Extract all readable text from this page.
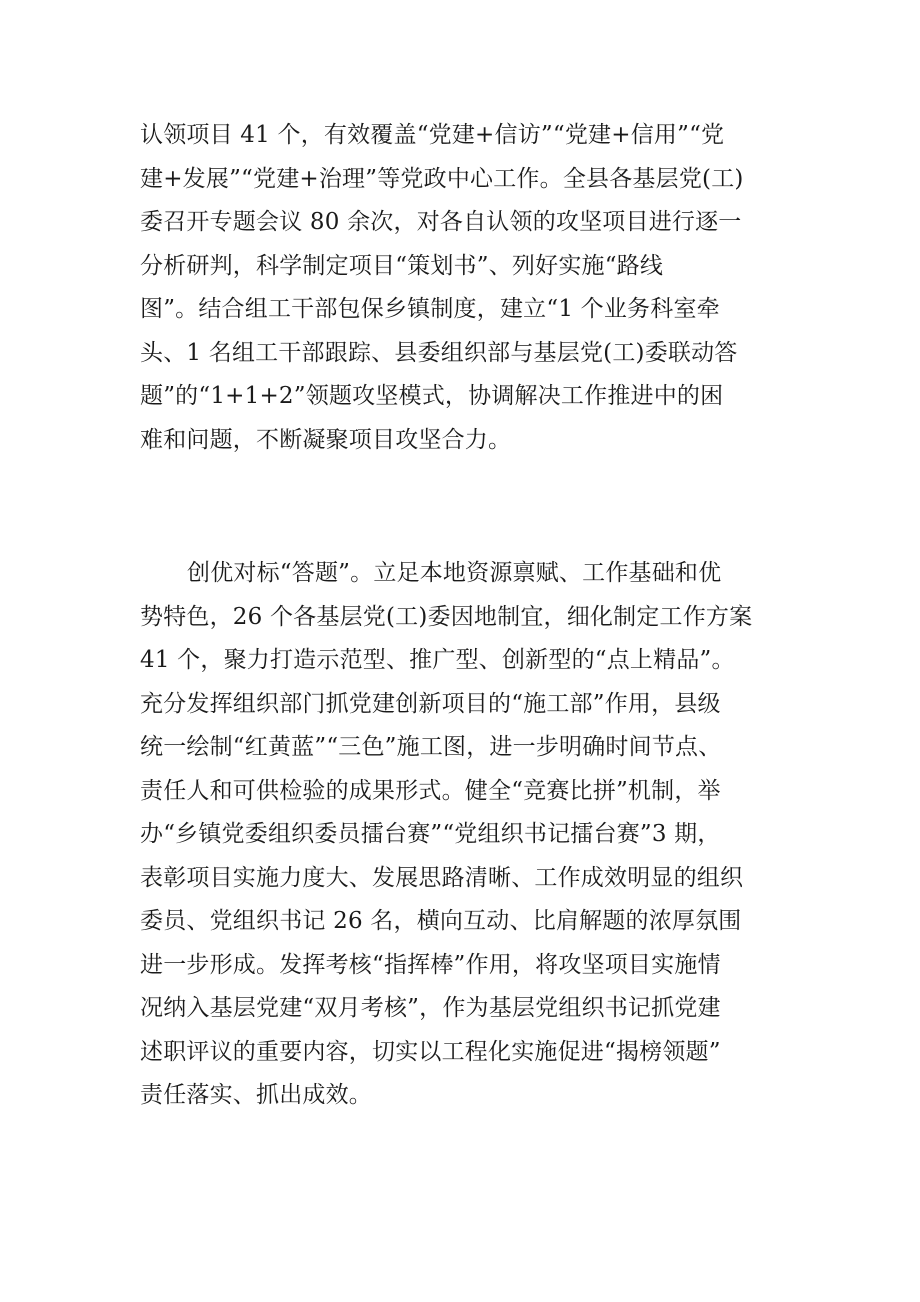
认领项目 41 个，有效覆盖“党建+信访”“党建+信用”“党
建+发展”“党建+治理”等党政中心工作。全县各基层党(工)
委召开专题会议 80 余次，对各自认领的攻坚项目进行逐一
分析研判，科学制定项目“策划书”、列好实施“路线
图”。结合组工干部包保乡镇制度，建立“1 个业务科室牵
头、1 名组工干部跟踪、县委组织部与基层党(工)委联动答
题”的“1+1+2”领题攻坚模式，协调解决工作推进中的困
难和问题，不断凝聚项目攻坚合力。
创优对标“答题”。立足本地资源禀赋、工作基础和优
势特色，26 个各基层党(工)委因地制宜，细化制定工作方案
41 个，聚力打造示范型、推广型、创新型的“点上精品”。
充分发挥组织部门抓党建创新项目的“施工部”作用，县级
统一绘制“红黄蓝”“三色”施工图，进一步明确时间节点、
责任人和可供检验的成果形式。健全“竞赛比拼”机制，举
办“乡镇党委组织委员擂台赛”“党组织书记擂台赛”3 期，
表彰项目实施力度大、发展思路清晰、工作成效明显的组织
委员、党组织书记 26 名，横向互动、比肩解题的浓厚氛围
进一步形成。发挥考核“指挥棒”作用，将攻坚项目实施情
况纳入基层党建“双月考核”，作为基层党组织书记抓党建
述职评议的重要内容，切实以工程化实施促进“揭榜领题”
责任落实、抓出成效。
